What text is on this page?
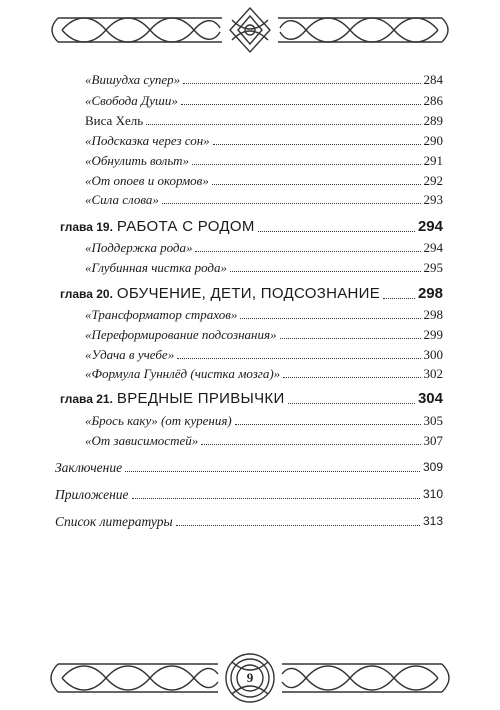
«Вишудха супер»	284
«Свобода Души»	286
Виса Хель	289
«Подсказка через сон»	290
«Обнулить вольт»	291
«От опоев и окормов»	292
«Сила слова»	293
глава 19. РАБОТА С РОДОМ	294
«Поддержка рода»	294
«Глубинная чистка рода»	295
глава 20. ОБУЧЕНИЕ, ДЕТИ, ПОДСОЗНАНИЕ	298
«Трансформатор страхов»	298
«Переформирование подсознания»	299
«Удача в учебе»	300
«Формула Гуннлёд (чистка мозга)»	302
глава 21. ВРЕДНЫЕ ПРИВЫЧКИ	304
«Брось каку» (от курения)	305
«От зависимостей»	307
Заключение	309
Приложение	310
Список литературы	313
9
